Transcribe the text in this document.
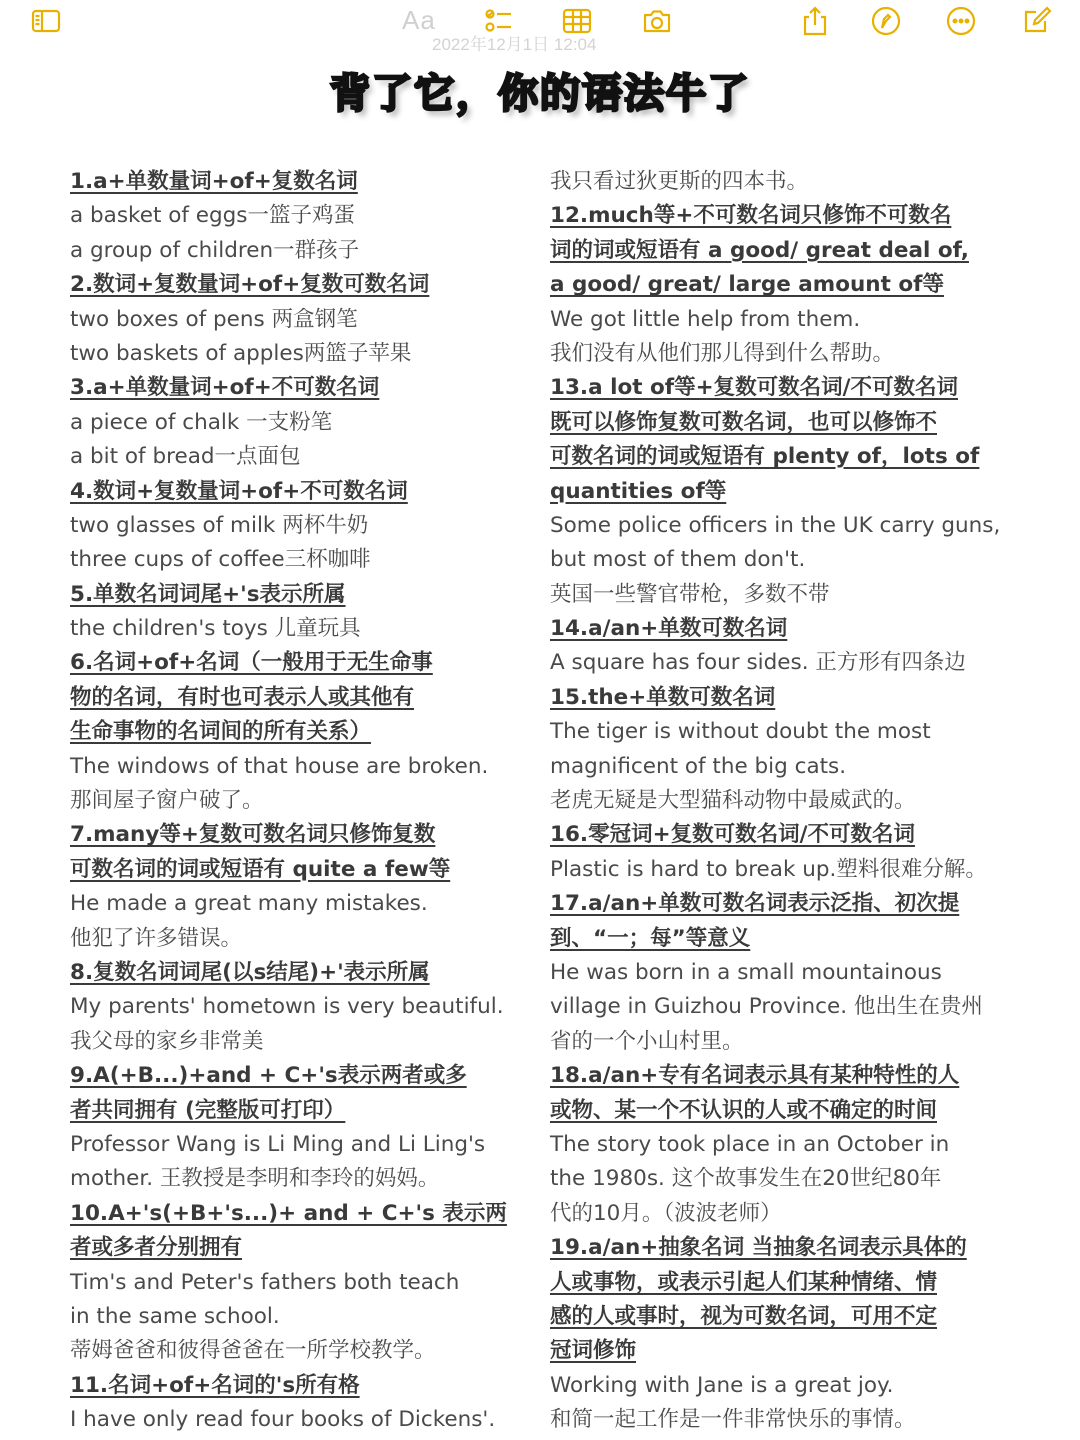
Aa
2022年12月1日 12:04
背了它，你的语法牛了
1.a+单数量词+of+复数名词
a basket of eggs一篮子鸡蛋
a group of children一群孩子
2.数词+复数量词+of+复数可数名词
two boxes of pens 两盒钢笔
two baskets of apples两篮子苹果
3.a+单数量词+of+不可数名词
a piece of chalk 一支粉笔
a bit of bread一点面包
4.数词+复数量词+of+不可数名词
two glasses of milk 两杯牛奶
three cups of coffee三杯咖啡
5.单数名词词尾+'s表示所属
the children's toys 儿童玩具
6.名词+of+名词（一般用于无生命事
物的名词，有时也可表示人或其他有
生命事物的名词间的所有关系）
The windows of that house are broken.
那间屋子窗户破了。
7.many等+复数可数名词只修饰复数
可数名词的词或短语有 quite a few等
He made a great many mistakes.
他犯了许多错误。
8.复数名词词尾(以s结尾)+'表示所属
My parents' hometown is very beautiful.
我父母的家乡非常美
9.A(+B...)+and + C+'s表示两者或多
者共同拥有 (完整版可打印）
Professor Wang is Li Ming and Li Ling's
mother. 王教授是李明和李玲的妈妈。
10.A+'s(+B+'s...)+ and + C+'s 表示两
者或多者分别拥有
Tim's and Peter's fathers both teach
in the same school.
蒂姆爸爸和彼得爸爸在一所学校教学。
11.名词+of+名词的's所有格
I have only read four books of Dickens'.
我只看过狄更斯的四本书。
12.much等+不可数名词只修饰不可数名
词的词或短语有 a good/ great deal of,
a good/ great/ large amount of等
We got little help from them.
我们没有从他们那儿得到什么帮助。
13.a lot of等+复数可数名词/不可数名词
既可以修饰复数可数名词，也可以修饰不
可数名词的词或短语有 plenty of，lots of
quantities of等
Some police officers in the UK carry guns,
but most of them don't.
英国一些警官带枪，多数不带
14.a/an+单数可数名词
A square has four sides. 正方形有四条边
15.the+单数可数名词
The tiger is without doubt the most
magnificent of the big cats.
老虎无疑是大型猫科动物中最威武的。
16.零冠词+复数可数名词/不可数名词
Plastic is hard to break up.塑料很难分解。
17.a/an+单数可数名词表示泛指、初次提
到、“一；每”等意义
He was born in a small mountainous
village in Guizhou Province. 他出生在贵州
省的一个小山村里。
18.a/an+专有名词表示具有某种特性的人
或物、某一个不认识的人或不确定的时间
The story took place in an October in
the 1980s. 这个故事发生在20世纪80年
代的10月。（波波老师）
19.a/an+抽象名词 当抽象名词表示具体的
人或事物，或表示引起人们某种情绪、情
感的人或事时，视为可数名词，可用不定
冠词修饰
Working with Jane is a great joy.
和简一起工作是一件非常快乐的事情。
